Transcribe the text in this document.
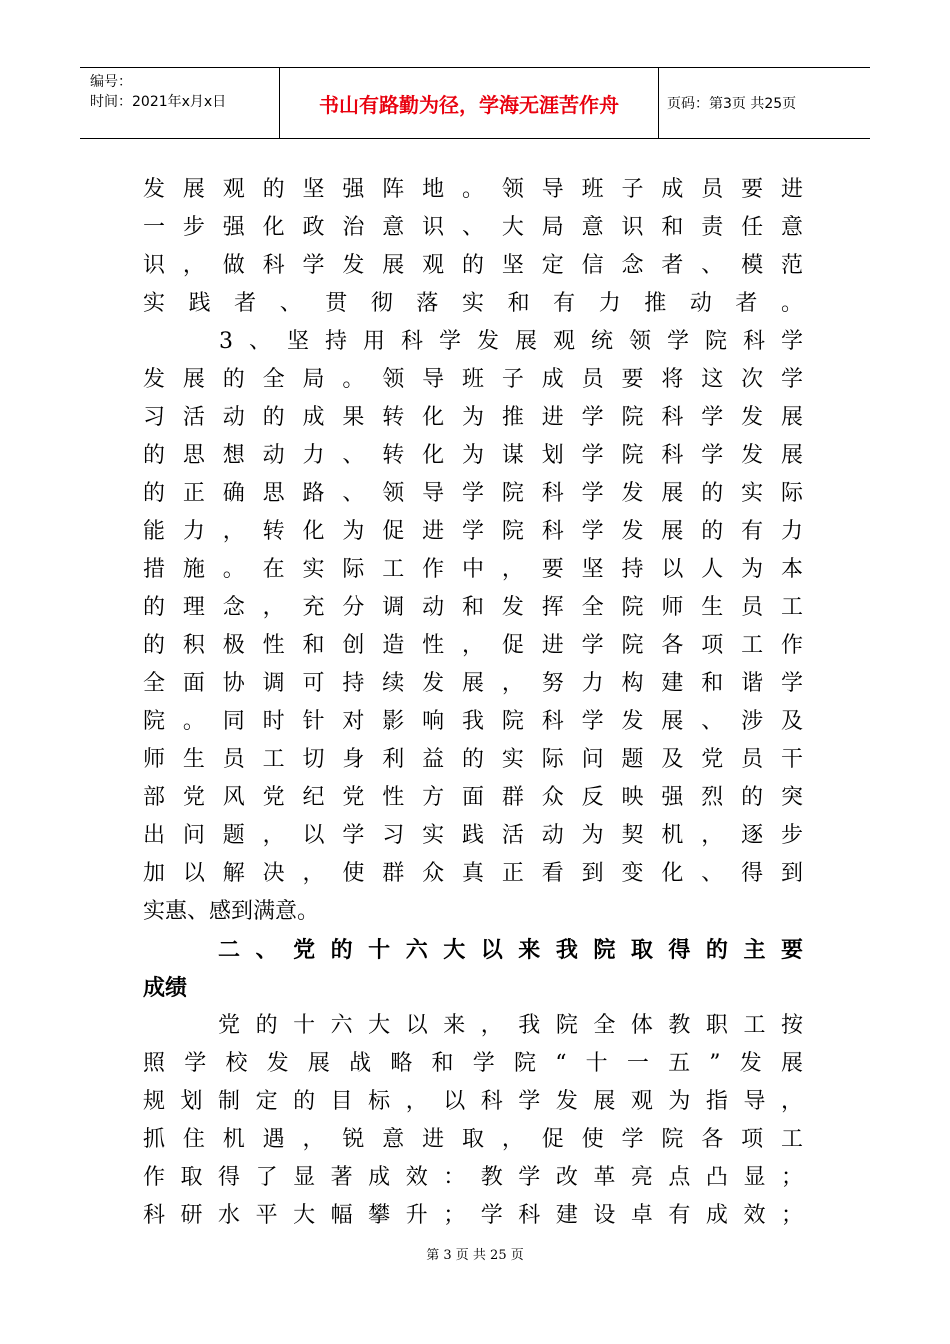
编号：
时间：2021年x月x日	书山有路勤为径，学海无涯苦作舟	页码：第3页 共25页
发展观的坚强阵地。领导班子成员要进
一步强化政治意识、大局意识和责任意
识，做科学发展观的坚定信念者、模范
实践者、贯彻落实和有力推动者。
　　3、坚持用科学发展观统领学院科学
发展的全局。领导班子成员要将这次学
习活动的成果转化为推进学院科学发展
的思想动力、转化为谋划学院科学发展
的正确思路、领导学院科学发展的实际
能力，转化为促进学院科学发展的有力
措施。在实际工作中，要坚持以人为本
的理念，充分调动和发挥全院师生员工
的积极性和创造性，促进学院各项工作
全面协调可持续发展，努力构建和谐学
院。同时针对影响我院科学发展、涉及
师生员工切身利益的实际问题及党员干
部党风党纪党性方面群众反映强烈的突
出问题，以学习实践活动为契机，逐步
加以解决，使群众真正看到变化、得到
实惠、感到满意。
　　二、党的十六大以来我院取得的主要
成绩
　　党的十六大以来，我院全体教职工按
照学校发展战略和学院“十一五”发展
规划制定的目标，以科学发展观为指导，
抓住机遇，锐意进取，促使学院各项工
作取得了显著成效：教学改革亮点凸显；
科研水平大幅攀升；学科建设卓有成效；
第 3 页 共 25 页
